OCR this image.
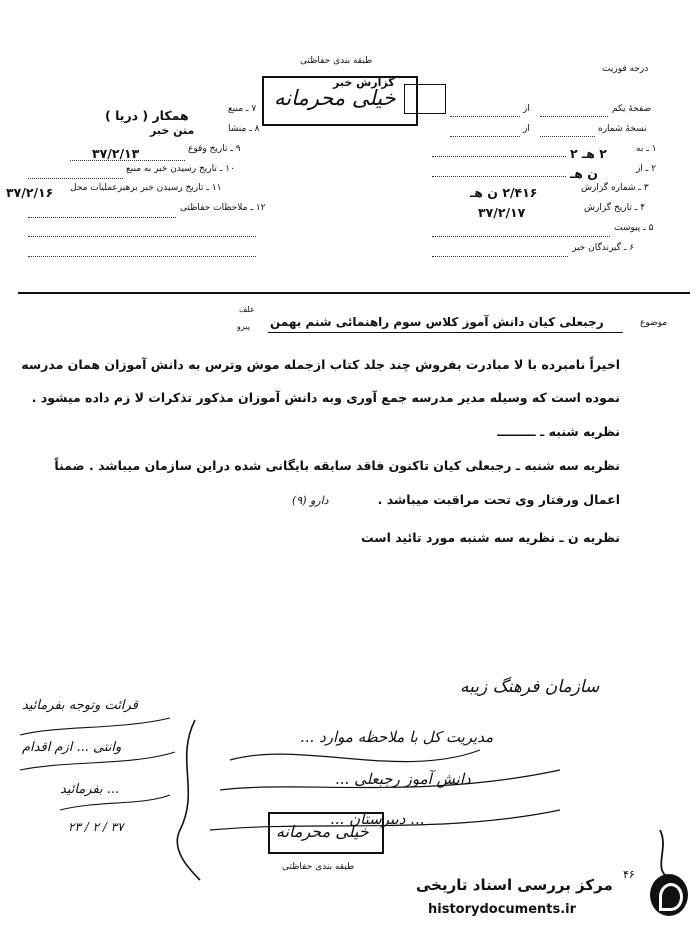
طبقه بندی حفاظتی
درجه فوریت
گزارش خبر
خیلی محرمانه
۷ ـ منبع
همکار ( دریا )
۸ ـ منشا
متن خبر
۹ ـ تاریخ وقوع
۳۷/۲/۱۳
۱۰ ـ تاریخ رسیدن خبر به منبع
۱۱ ـ تاریخ رسیدن خبر برهبرعملیات محل
۳۷/۲/۱۶
۱۲ ـ ملاحظات حفاظتی
صفحهٔ یکم
از
نسخهٔ شماره
از
۱ ـ به
۲ هـ ۲
۲ ـ از
ن هـ
۳ ـ شماره گزارش
۲/۴۱۶ ن هـ
۴ ـ تاریخ گزارش
۳۷/۲/۱۷
۵ ـ پیوست
۶ ـ گیرندگان خبر
موضوع
رجبعلی کیان دانش آموز کلاس سوم راهنمائی شنم بهمن
علف
پیرو
اخیراً نامبرده با لا مبادرت بفروش چند جلد کتاب ازجمله موش وترس به دانش آموزان همان مدرسه
نموده است که وسیله مدیر مدرسه جمع آوری وبه دانش آموزان مذکور تذکرات لا زم داده میشود .
نظریه شنبه ـ ـــــــــ
نظریه سه شنبه ـ رجبعلی کیان تاکنون فاقد سابقه بایگانی شده دراین سازمان میباشد . ضمناً
اعمال ورفتار وی تحت مراقبت میباشد .
دارو (۹)
نظریه ن ـ نظریه سه شنبه مورد تائید است
سازمان فرهنگ زیبه
مدیریت کل با ملاحظه موارد ...
دانش آموز رجبعلی ...
... دبیرستان ...
قرائت وتوجه بفرمائید
وانتی ... ازم اقدام
... بفرمائید
۲۳ / ۲ / ۳۷	خیلی محرمانه
طبقه بندی حفاظتی
۴۶
مرکز بررسی اسناد تاریخی
historydocuments.ir
